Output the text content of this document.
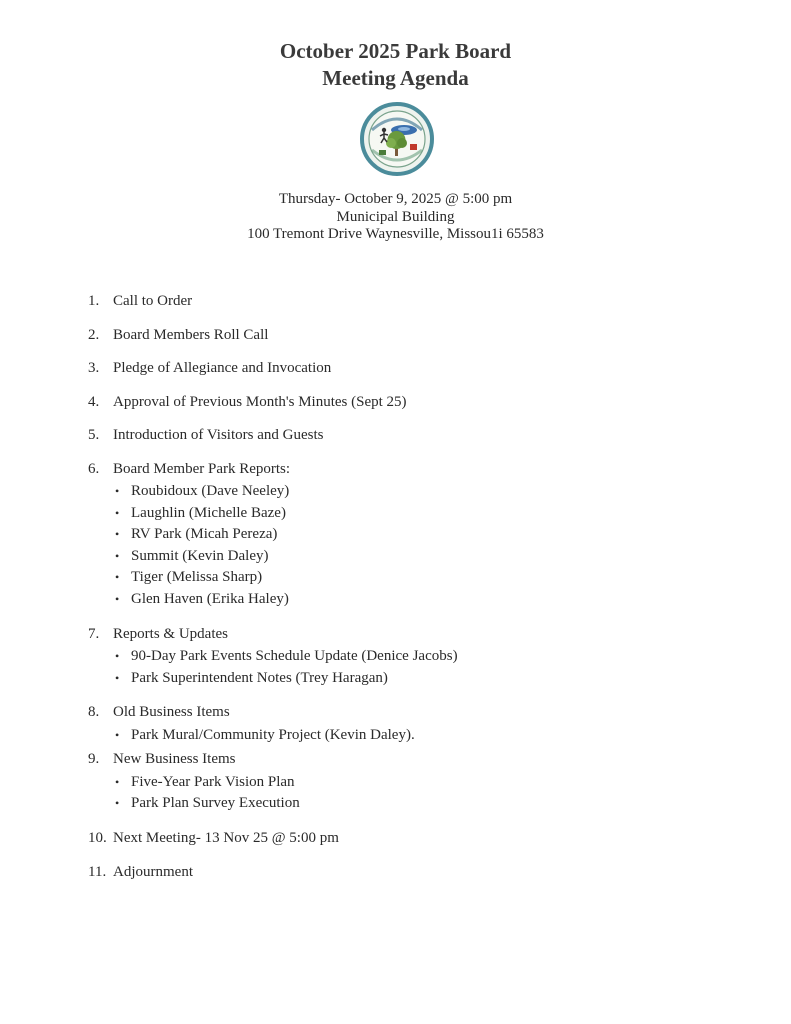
October 2025 Park Board
Meeting Agenda
Thursday- October 9, 2025 @ 5:00 pm
Municipal Building
100 Tremont Drive Waynesville, Missou1i 65583
1. Call to Order
2. Board Members Roll Call
3. Pledge of Allegiance and Invocation
4. Approval of Previous Month's Minutes (Sept 25)
5. Introduction of Visitors and Guests
6. Board Member Park Reports:
• Roubidoux (Dave Neeley)
• Laughlin (Michelle Baze)
• RV Park (Micah Pereza)
• Summit (Kevin Daley)
• Tiger (Melissa Sharp)
• Glen Haven (Erika Haley)
7. Reports & Updates
• 90-Day Park Events Schedule Update (Denice Jacobs)
• Park Superintendent Notes (Trey Haragan)
8. Old Business Items
• Park Mural/Community Project (Kevin Daley).
9. New Business Items
• Five-Year Park Vision Plan
• Park Plan Survey Execution
10. Next Meeting- 13 Nov 25 @ 5:00 pm
11. Adjournment
